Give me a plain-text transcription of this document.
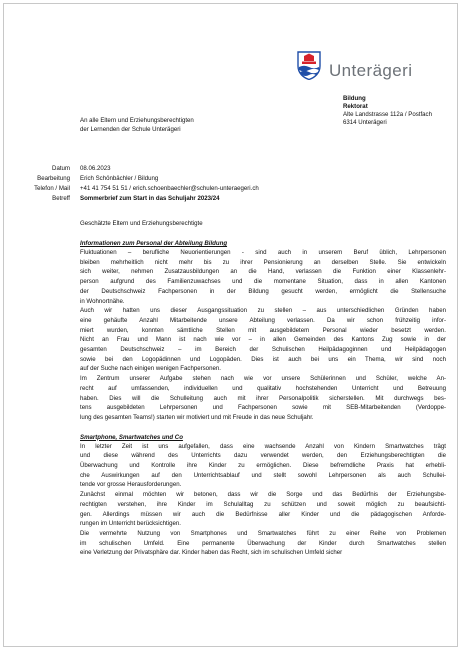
Unterägeri
Bildung
Rektorat
Alte Landstrasse 112a / Postfach
6314 Unterägeri
An alle Eltern und Erziehungsberechtigten
der Lernenden der Schule Unterägeri
Datum 08.06.2023
Bearbeitung Erich Schönbächler / Bildung
Telefon / Mail +41 41 754 51 51 / erich.schoenbaechler@schulen-unteraegeri.ch
Betreff Sommerbrief zum Start in das Schuljahr 2023/24
Geschätzte Eltern und Erziehungsberechtigte
Informationen zum Personal der Abteilung Bildung
Fluktuationen – berufliche Neuorientierungen - sind auch in unserem Beruf üblich, Lehrpersonen
bleiben mehrheitlich nicht mehr bis zu ihrer Pensionierung an derselben Stelle. Sie entwickeln
sich weiter, nehmen Zusatzausbildungen an die Hand, verlassen die Funktion einer Klassenlehr-
person aufgrund des Familienzuwachses und die momentane Situation, dass in allen Kantonen
der Deutschschweiz Fachpersonen in der Bildung gesucht werden, ermöglicht die Stellensuche
in Wohnortnähe.
Auch wir hatten uns dieser Ausgangssituation zu stellen – aus unterschiedlichen Gründen haben
eine gehäufte Anzahl Mitarbeitende unsere Abteilung verlassen. Da wir schon frühzeitig infor-
miert wurden, konnten sämtliche Stellen mit ausgebildetem Personal wieder besetzt werden.
Nicht an Frau und Mann ist nach wie vor – in allen Gemeinden des Kantons Zug sowie in der
gesamten Deutschschweiz – im Bereich der Schulischen Heilpädagoginnen und Heilpädagogen
sowie bei den Logopädinnen und Logopäden. Dies ist auch bei uns ein Thema, wir sind noch
auf der Suche nach einigen wenigen Fachpersonen.
Im Zentrum unserer Aufgabe stehen nach wie vor unsere Schülerinnen und Schüler, welche An-
recht auf umfassenden, individuellen und qualitativ hochstehenden Unterricht und Betreuung
haben. Dies will die Schulleitung auch mit ihrer Personalpolitik sicherstellen. Mit durchwegs bes-
tens ausgebildeten Lehrpersonen und Fachpersonen sowie mit SEB-Mitarbeitenden (Verdoppe-
lung des gesamten Teams!) starten wir motiviert und mit Freude in das neue Schuljahr.
Smartphone, Smartwatches und Co
In letzter Zeit ist uns aufgefallen, dass eine wachsende Anzahl von Kindern Smartwatches trägt
und diese während des Unterrichts dazu verwendet werden, den Erziehungsberechtigten die
Überwachung und Kontrolle ihre Kinder zu ermöglichen. Diese befremdliche Praxis hat erhebli-
che Auswirkungen auf den Unterrichtsablauf und stellt sowohl Lehrpersonen als auch Schullei-
tende vor grosse Herausforderungen.
Zunächst einmal möchten wir betonen, dass wir die Sorge und das Bedürfnis der Erziehungsbe-
rechtigten verstehen, ihre Kinder im Schulalltag zu schützen und soweit möglich zu beaufsichti-
gen. Allerdings müssen wir auch die Bedürfnisse aller Kinder und die pädagogischen Anforde-
rungen im Unterricht berücksichtigen.
Die vermehrte Nutzung von Smartphones und Smartwatches führt zu einer Reihe von Problemen
im schulischen Umfeld. Eine permanente Überwachung der Kinder durch Smartwatches stellen
eine Verletzung der Privatsphäre dar. Kinder haben das Recht, sich im schulischen Umfeld sicher
